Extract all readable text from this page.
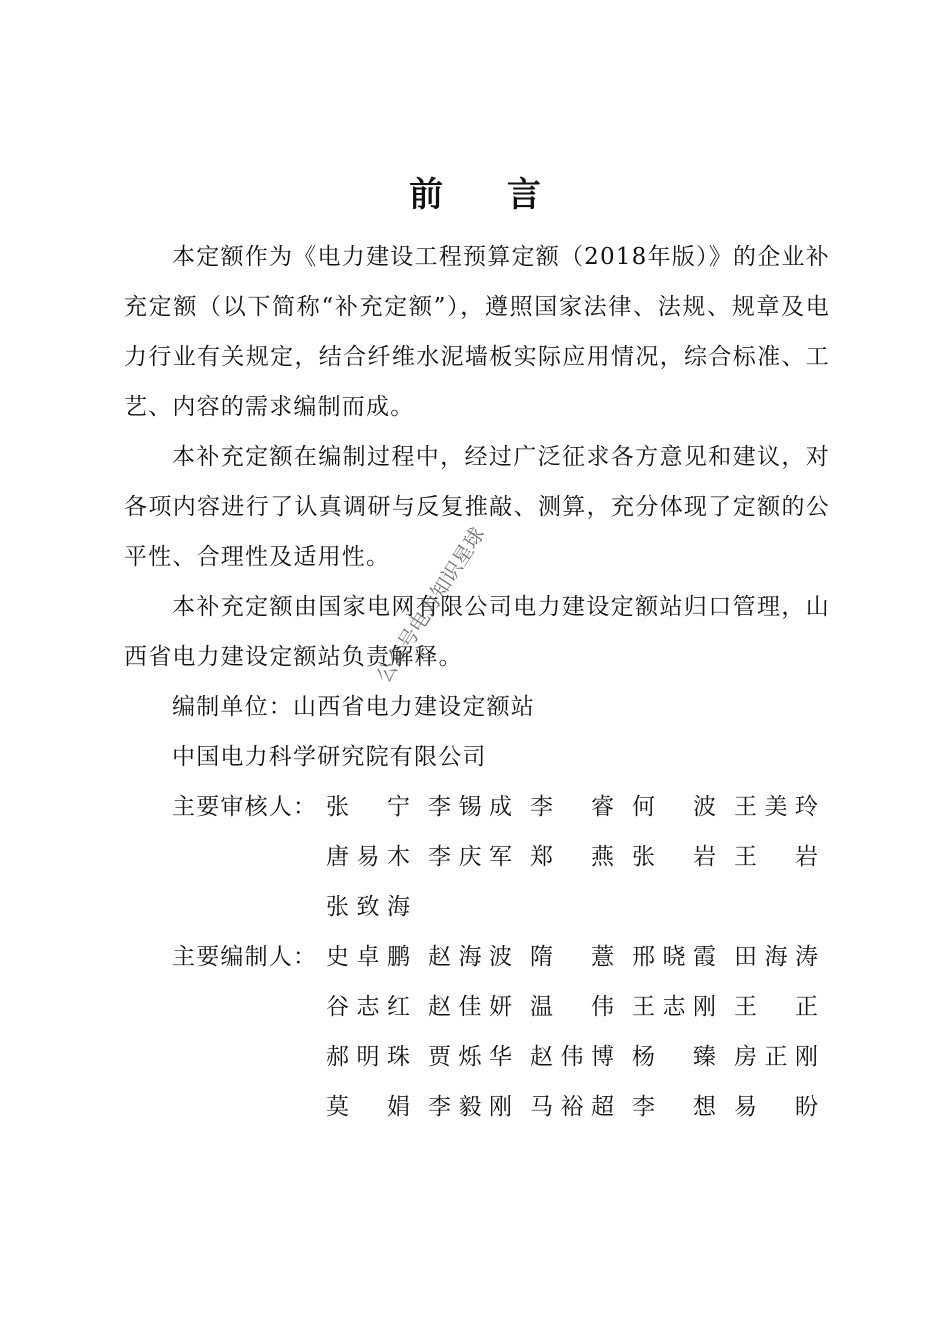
前 言
本定额作为《电力建设工程预算定额（2018年版）》的企业补充定额（以下简称“补充定额”），遵照国家法律、法规、规章及电力行业有关规定，结合纤维水泥墙板实际应用情况，综合标准、工艺、内容的需求编制而成。
本补充定额在编制过程中，经过广泛征求各方意见和建议，对各项内容进行了认真调研与反复推敲、测算，充分体现了定额的公平性、合理性及适用性。
本补充定额由国家电网有限公司电力建设定额站归口管理，山西省电力建设定额站负责解释。
编制单位：山西省电力建设定额站
中国电力科学研究院有限公司
主要审核人： 张 宁 李 锡 成 李 睿 何 波 王 美 玲
唐 易 木 李 庆 军 郑 燕 张 岩 王 岩
张 致 海
主要编制人： 史 卓 鹏 赵 海 波 隋 薏 邢 晓 霞 田 海 涛
谷 志 红 赵 佳 妍 温 伟 王 志 刚 王 正
郝 明 珠 贾 烁 华 赵 伟 博 杨 臻 房 正 刚
莫 娟 李 毅 刚 马 裕 超 李 想 易 盼
公众号电力知识星球
